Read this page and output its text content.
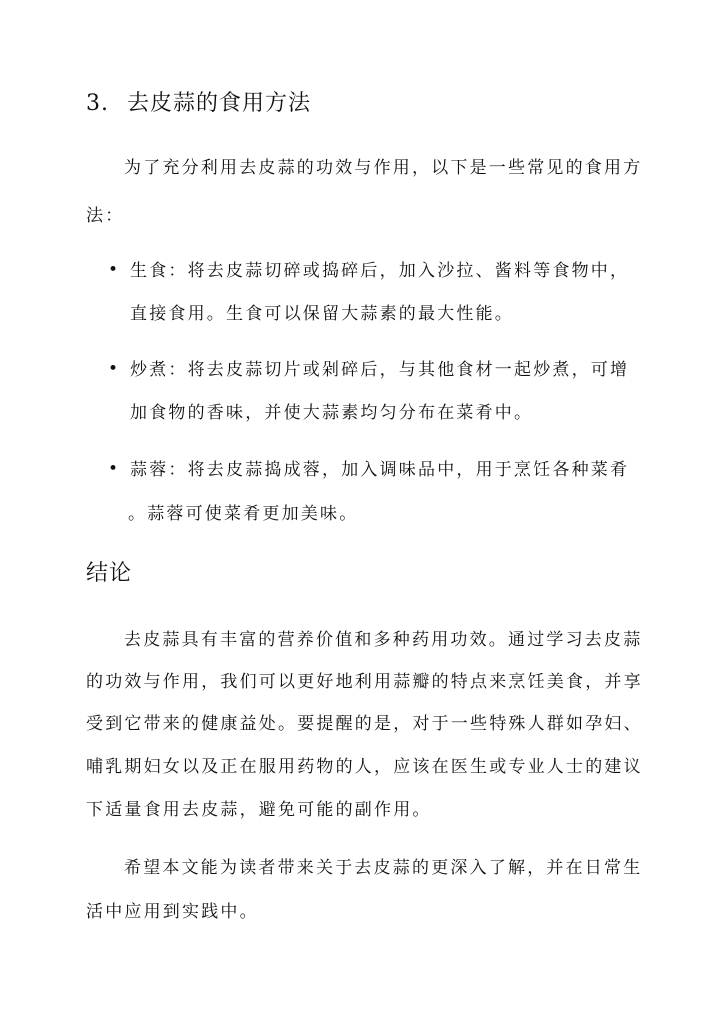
3. 去皮蒜的食用方法

为了充分利用去皮蒜的功效与作用，以下是一些常见的食用方

法：

• 生食：将去皮蒜切碎或捣碎后，加入沙拉、酱料等食物中，

直接食用。生食可以保留大蒜素的最大性能。

• 炒煮：将去皮蒜切片或剁碎后，与其他食材一起炒煮，可增

加食物的香味，并使大蒜素均匀分布在菜肴中。

• 蒜蓉：将去皮蒜捣成蓉，加入调味品中，用于烹饪各种菜肴

。蒜蓉可使菜肴更加美味。

结论

去皮蒜具有丰富的营养价值和多种药用功效。通过学习去皮蒜

的功效与作用，我们可以更好地利用蒜瓣的特点来烹饪美食，并享

受到它带来的健康益处。要提醒的是，对于一些特殊人群如孕妇、

哺乳期妇女以及正在服用药物的人，应该在医生或专业人士的建议

下适量食用去皮蒜，避免可能的副作用。

希望本文能为读者带来关于去皮蒜的更深入了解，并在日常生

活中应用到实践中。
